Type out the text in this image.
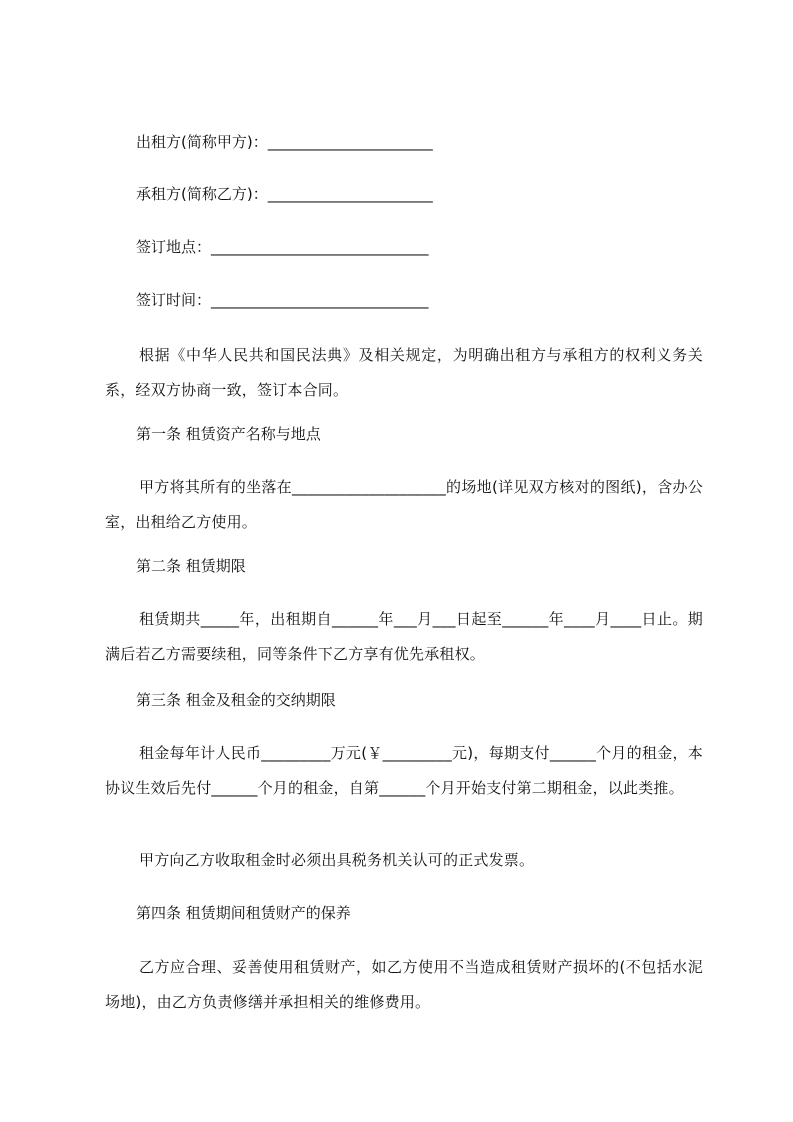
出租方(简称甲方)：______________________
承租方(简称乙方)：______________________
签订地点：_____________________________
签订时间：_____________________________
根据《中华人民共和国民法典》及相关规定，为明确出租方与承租方的权利义务关系，经双方协商一致，签订本合同。
第一条 租赁资产名称与地点
甲方将其所有的坐落在____________________的场地(详见双方核对的图纸)，含办公室，出租给乙方使用。
第二条 租赁期限
租赁期共_____年，出租期自______年___月___日起至______年____月____日止。期满后若乙方需要续租，同等条件下乙方享有优先承租权。
第三条 租金及租金的交纳期限
租金每年计人民币_________万元(￥_________元)，每期支付______个月的租金，本协议生效后先付______个月的租金，自第______个月开始支付第二期租金，以此类推。
甲方向乙方收取租金时必须出具税务机关认可的正式发票。
第四条 租赁期间租赁财产的保养
乙方应合理、妥善使用租赁财产，如乙方使用不当造成租赁财产损坏的(不包括水泥场地)，由乙方负责修缮并承担相关的维修费用。
